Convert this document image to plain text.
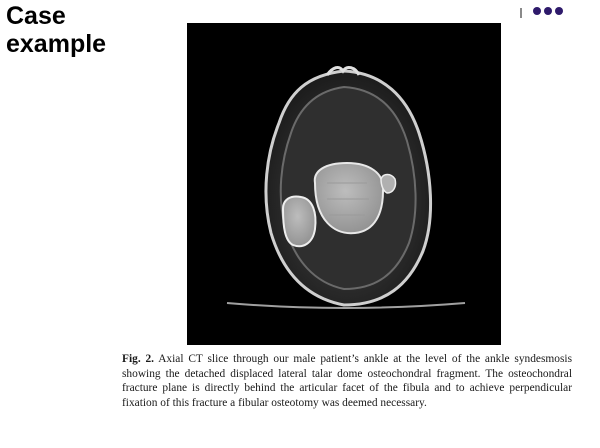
Case
example
Fig. 2. Axial CT slice through our male patient’s ankle at the level of the ankle syndesmosis showing the detached displaced lateral talar dome osteochondral fragment. The osteochondral fracture plane is directly behind the articular facet of the fibula and to achieve perpendicular fixation of this fracture a fibular osteotomy was deemed necessary.
